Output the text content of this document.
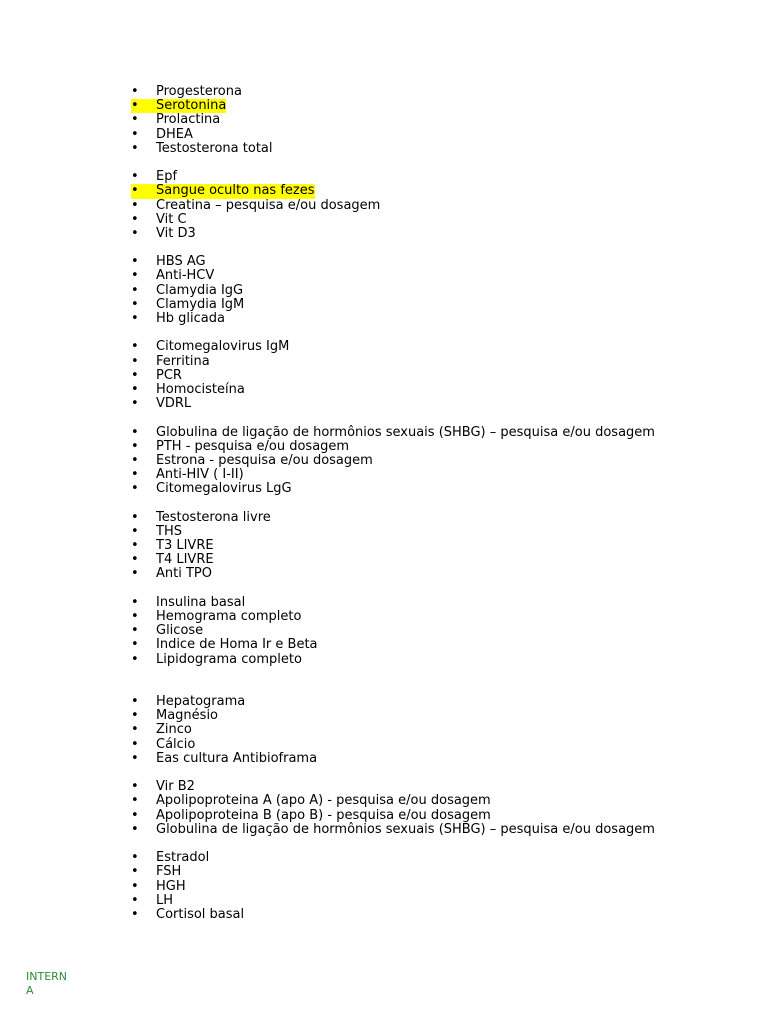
•
Progesterona
•
Serotonina
•
Prolactina
•
DHEA
•
Testosterona total
•
Epf
•
Sangue oculto nas fezes
•
Creatina – pesquisa e/ou dosagem
•
Vit C
•
Vit D3
•
HBS AG
•
Anti-HCV
•
Clamydia IgG
•
Clamydia IgM
•
Hb glicada
•
Citomegalovirus IgM
•
Ferritina
•
PCR
•
Homocisteína
•
VDRL
•
Globulina de ligação de hormônios sexuais (SHBG) – pesquisa e/ou dosagem
•
PTH - pesquisa e/ou dosagem
•
Estrona - pesquisa e/ou dosagem
•
Anti-HIV ( I-II)
•
Citomegalovirus LgG
•
Testosterona livre
•
THS
•
T3 LIVRE
•
T4 LIVRE
•
Anti TPO
•
Insulina basal
•
Hemograma completo
•
Glicose
•
Indice de Homa Ir e Beta
•
Lipidograma completo
•
Hepatograma
•
Magnésio
•
Zinco
•
Cálcio
•
Eas cultura Antibioframa
•
Vir B2
•
Apolipoproteina A (apo A) - pesquisa e/ou dosagem
•
Apolipoproteina B (apo B) - pesquisa e/ou dosagem
•
Globulina de ligação de hormônios sexuais (SHBG) – pesquisa e/ou dosagem
•
Estradol
•
FSH
•
HGH
•
LH
•
Cortisol basal
INTERN
A
